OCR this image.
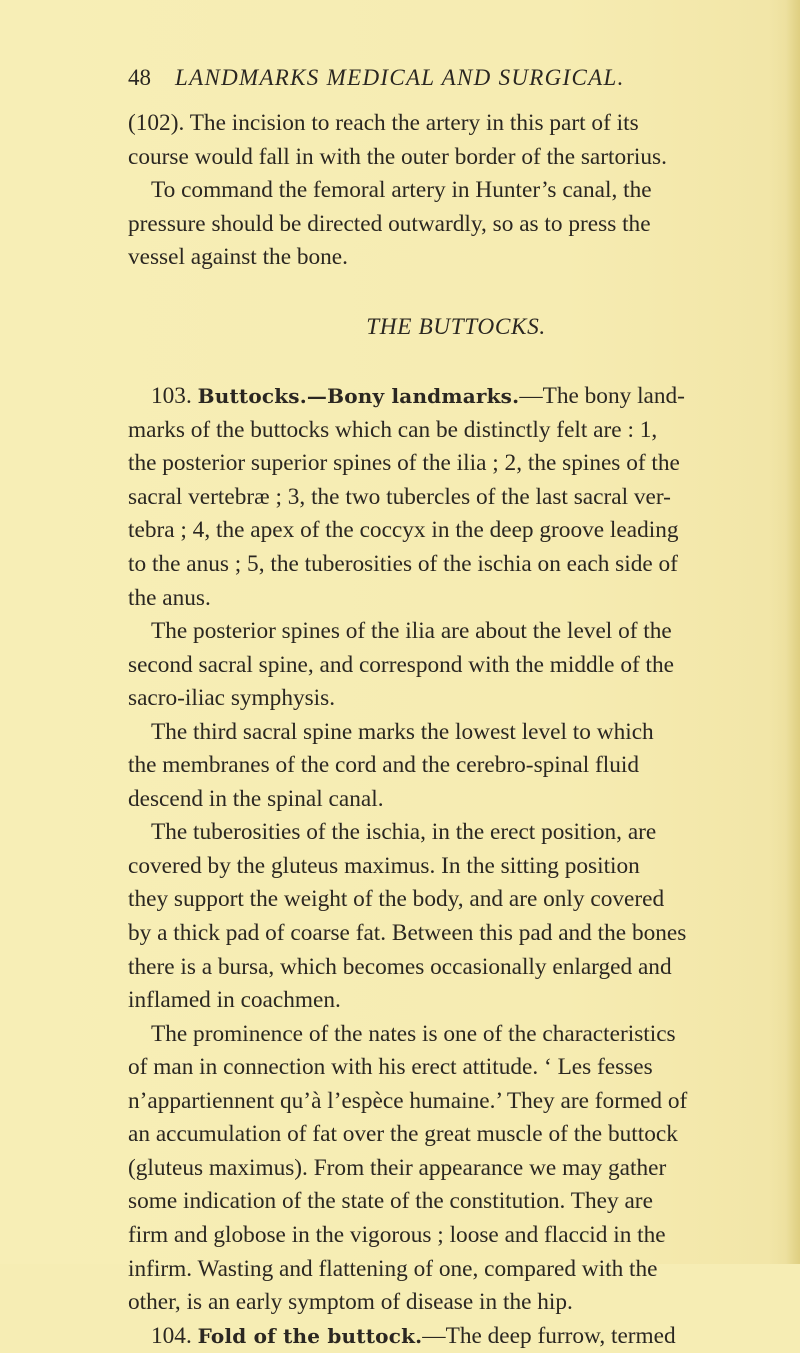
48 LANDMARKS MEDICAL AND SURGICAL.
(102). The incision to reach the artery in this part of its
course would fall in with the outer border of the sartorius.
To command the femoral artery in Hunter’s canal, the
pressure should be directed outwardly, so as to press the
vessel against the bone.
THE BUTTOCKS.
103. Buttocks.—Bony landmarks.—The bony land-
marks of the buttocks which can be distinctly felt are : 1,
the posterior superior spines of the ilia ; 2, the spines of the
sacral vertebræ ; 3, the two tubercles of the last sacral ver-
tebra ; 4, the apex of the coccyx in the deep groove leading
to the anus ; 5, the tuberosities of the ischia on each side of
the anus.
The posterior spines of the ilia are about the level of the
second sacral spine, and correspond with the middle of the
sacro-iliac symphysis.
The third sacral spine marks the lowest level to which
the membranes of the cord and the cerebro-spinal fluid
descend in the spinal canal.
The tuberosities of the ischia, in the erect position, are
covered by the gluteus maximus. In the sitting position
they support the weight of the body, and are only covered
by a thick pad of coarse fat. Between this pad and the bones
there is a bursa, which becomes occasionally enlarged and
inflamed in coachmen.
The prominence of the nates is one of the characteristics
of man in connection with his erect attitude. ‘ Les fesses
n’appartiennent qu’à l’espèce humaine.’ They are formed of
an accumulation of fat over the great muscle of the buttock
(gluteus maximus). From their appearance we may gather
some indication of the state of the constitution. They are
firm and globose in the vigorous ; loose and flaccid in the
infirm. Wasting and flattening of one, compared with the
other, is an early symptom of disease in the hip.
104. Fold of the buttock.—The deep furrow, termed
